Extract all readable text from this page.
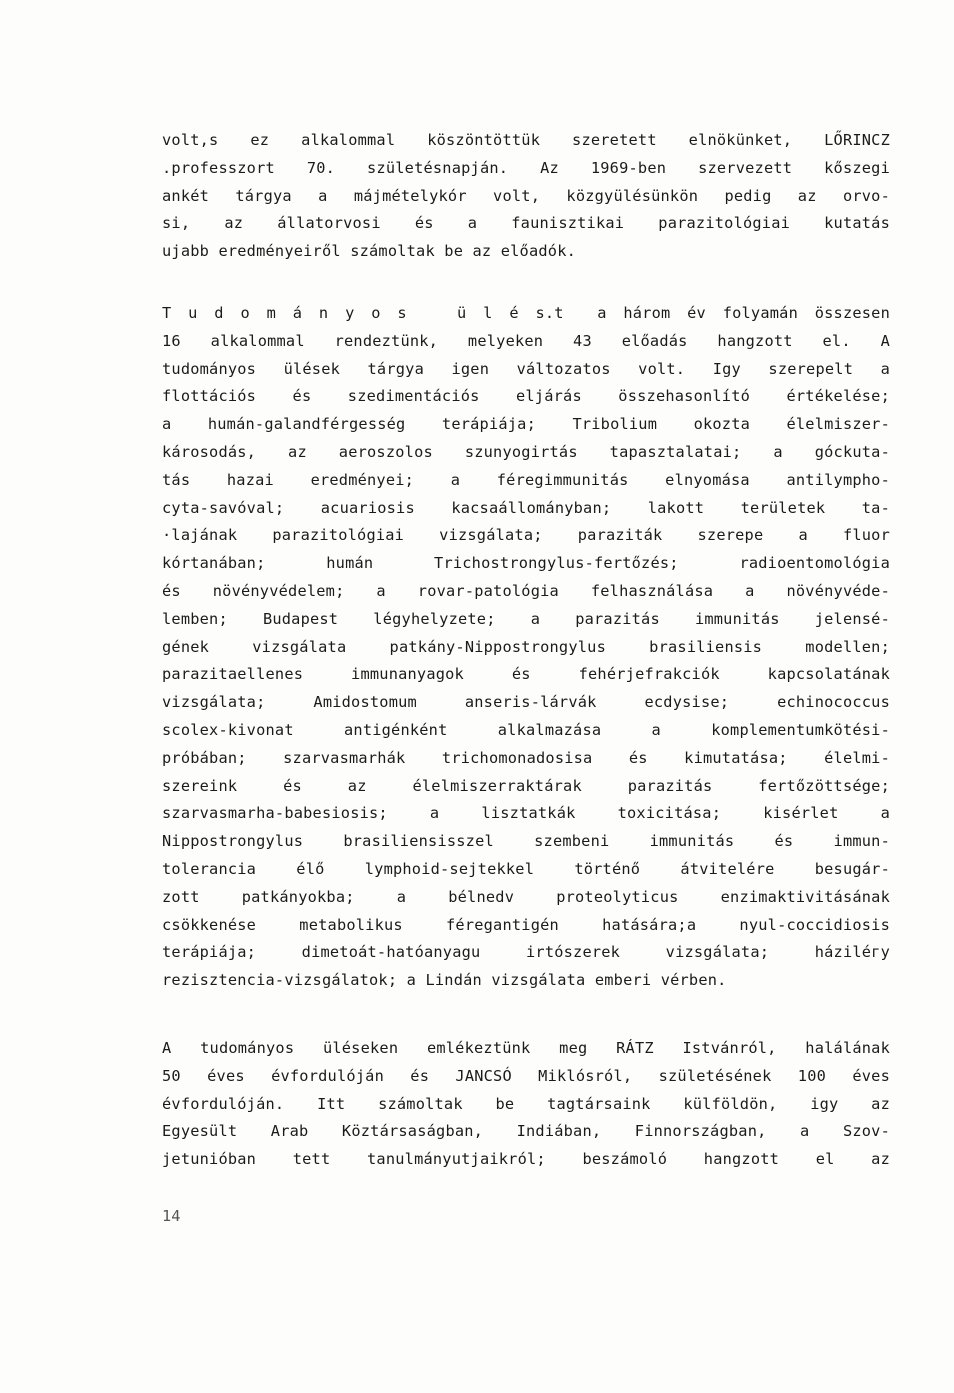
volt,s ez alkalommal köszöntöttük szeretett elnökünket, LŐRINCZ
.professzort 70. születésnapján. Az 1969-ben szervezett kőszegi
ankét tárgya a májmételykór volt, közgyülésünkön pedig az orvo-
si, az állatorvosi és a faunisztikai parazitológiai kutatás
ujabb eredményeiről számoltak be az előadók.
T u d o m á n y o s   ü l é s.t  a három év folyamán összesen
16 alkalommal rendeztünk, melyeken 43 előadás hangzott el. A
tudományos ülések tárgya igen változatos volt. Igy szerepelt a
flottációs és szedimentációs eljárás összehasonlító értékelése;
a humán-galandférgesség terápiája; Tribolium okozta élelmiszer-
károsodás, az aeroszolos szunyogirtás tapasztalatai; a góckuta-
tás hazai eredményei; a féregimmunitás elnyomása antilympho-
cyta-savóval; acuariosis kacsaállományban; lakott területek ta-
·lajának parazitológiai vizsgálata; paraziták szerepe a fluor
kórtanában; humán Trichostrongylus-fertőzés; radioentomológia
és növényvédelem; a rovar-patológia felhasználása a növényvéde-
lemben; Budapest légyhelyzete; a parazitás immunitás jelensé-
gének vizsgálata patkány-Nippostrongylus brasiliensis modellen;
parazitaellenes immunanyagok és fehérjefrakciók kapcsolatának
vizsgálata; Amidostomum anseris-lárvák ecdysise; echinococcus
scolex-kivonat antigénként alkalmazása a komplementumkötési-
próbában; szarvasmarhák trichomonadosisa és kimutatása; élelmi-
szereink és az élelmiszerraktárak parazitás fertőzöttsége;
szarvasmarha-babesiosis; a lisztatkák toxicitása; kisérlet a
Nippostrongylus brasiliensisszel szembeni immunitás és immun-
tolerancia élő lymphoid-sejtekkel történő átvitelére besugár-
zott patkányokba; a bélnedv proteolyticus enzimaktivitásának
csökkenése metabolikus féregantigén hatására;a nyul-coccidiosis
terápiája; dimetoát-hatóanyagu irtószerek vizsgálata; háziléгу
rezisztencia-vizsgálatok; a Lindán vizsgálata emberi vérben.
A tudományos üléseken emlékeztünk meg RÁTZ Istvánról, halálának
50 éves évfordulóján és JANCSÓ Miklósról, születésének 100 éves
évfordulóján. Itt számoltak be tagtársaink külföldön, igy az
Egyesült Arab Köztársaságban, Indiában, Finnországban, a Szov-
jetunióban tett tanulmányutjaikról; beszámoló hangzott el az
14
